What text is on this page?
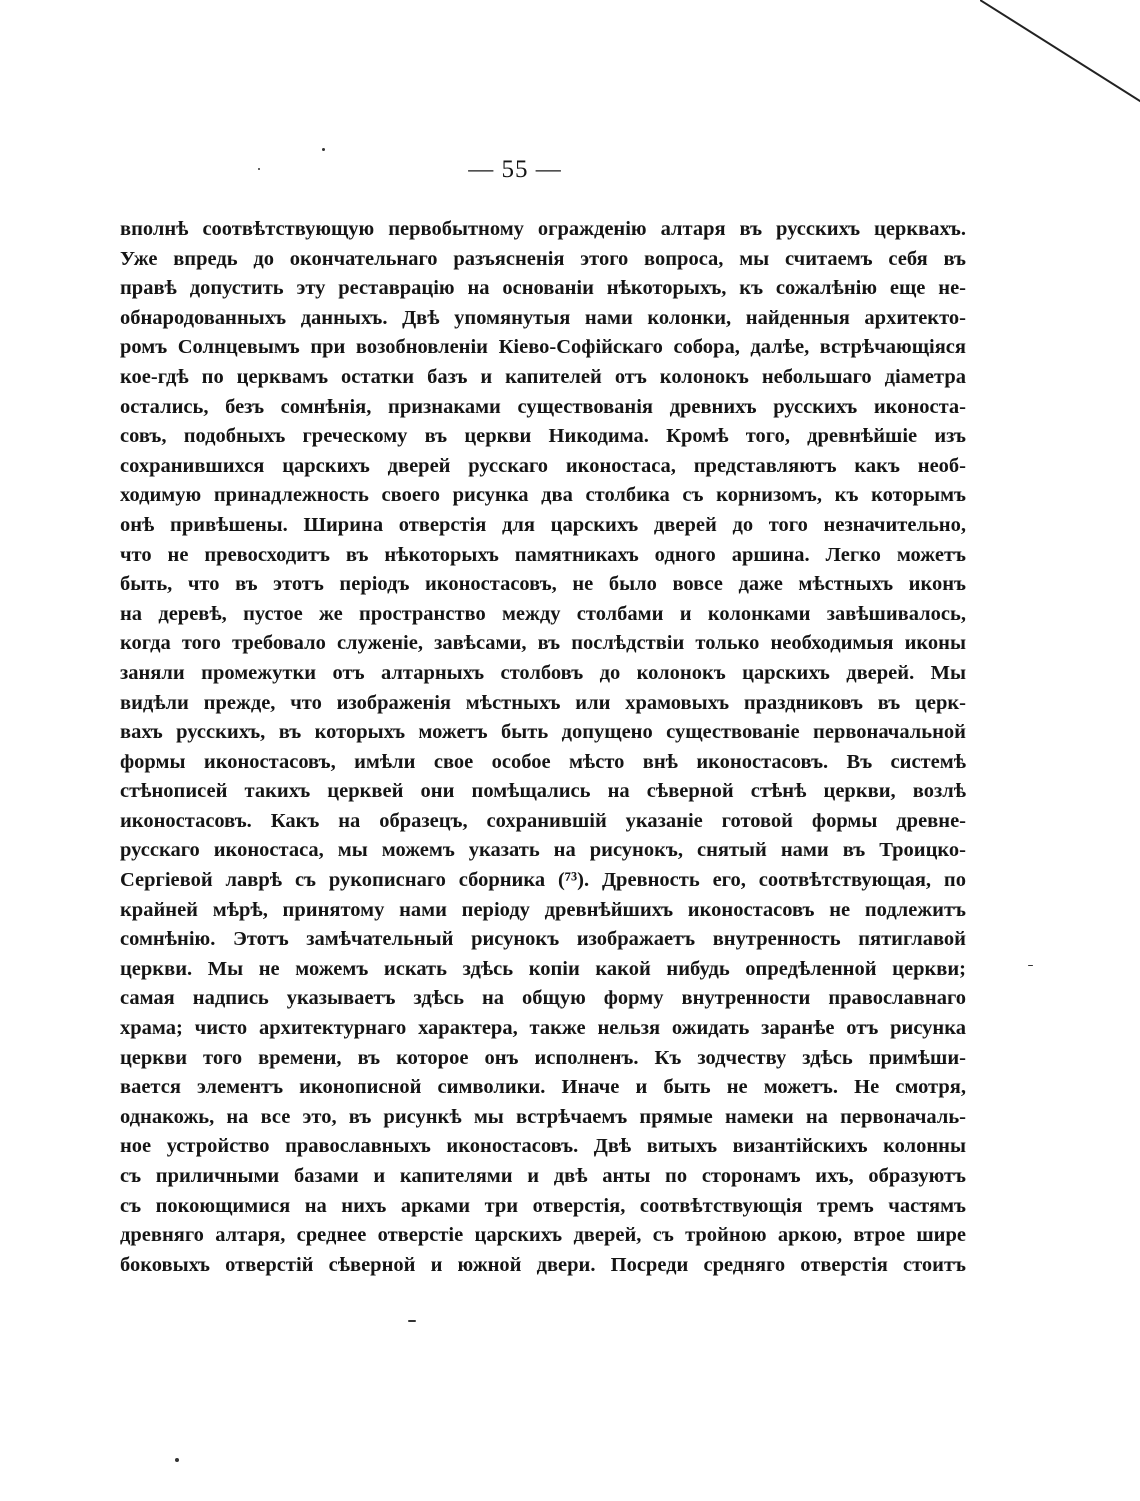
— 55 —

вполнѣ соотвѣтствующую первобытному огражденію алтаря въ русскихъ церквахъ.
Уже впредь до окончательнаго разъясненія этого вопроса, мы считаемъ себя въ
правѣ допустить эту реставрацію на основаніи нѣкоторыхъ, къ сожалѣнію еще не-
обнародованныхъ данныхъ. Двѣ упомянутыя нами колонки, найденныя архитекто-
ромъ Солнцевымъ при возобновленіи Кіево-Софійскаго собора, далѣе, встрѣчающіяся
кое-гдѣ по церквамъ остатки базъ и капителей отъ колонокъ небольшаго діаметра
остались, безъ сомнѣнія, признаками существованія древнихъ русскихъ иконоста-
совъ, подобныхъ греческому въ церкви Никодима. Кромѣ того, древнѣйшіе изъ
сохранившихся царскихъ дверей русскаго иконостаса, представляютъ какъ необ-
ходимую принадлежность своего рисунка два столбика съ корнизомъ, къ которымъ
онѣ привѣшены. Ширина отверстія для царскихъ дверей до того незначительно,
что не превосходитъ въ нѣкоторыхъ памятникахъ одного аршина. Легко можетъ
быть, что въ этотъ періодъ иконостасовъ, не было вовсе даже мѣстныхъ иконъ
на деревѣ, пустое же пространство между столбами и колонками завѣшивалось,
когда того требовало служеніе, завѣсами, въ послѣдствіи только необходимыя иконы
заняли промежутки отъ алтарныхъ столбовъ до колонокъ царскихъ дверей. Мы
видѣли прежде, что изображенія мѣстныхъ или храмовыхъ праздниковъ въ церк-
вахъ русскихъ, въ которыхъ можетъ быть допущено существованіе первоначальной
формы иконостасовъ, имѣли свое особое мѣсто внѣ иконостасовъ. Въ системѣ
стѣнописей такихъ церквей они помѣщались на сѣверной стѣнѣ церкви, возлѣ
иконостасовъ. Какъ на образецъ, сохранившій указаніе готовой формы древне-
русскаго иконостаса, мы можемъ указать на рисунокъ, снятый нами въ Троицко-
Сергіевой лаврѣ съ рукописнаго сборника (⁷³). Древность его, соотвѣтствующая, по
крайней мѣрѣ, принятому нами періоду древнѣйшихъ иконостасовъ не подлежитъ
сомнѣнію. Этотъ замѣчательный рисунокъ изображаетъ внутренность пятиглавой
церкви. Мы не можемъ искать здѣсь копіи какой нибудь опредѣленной церкви;
самая надпись указываетъ здѣсь на общую форму внутренности православнаго
храма; чисто архитектурнаго характера, также нельзя ожидать заранѣе отъ рисунка
церкви того времени, въ которое онъ исполненъ. Къ зодчеству здѣсь примѣши-
вается элементъ иконописной символики. Иначе и быть не можетъ. Не смотря,
однакожь, на все это, въ рисункѣ мы встрѣчаемъ прямые намеки на первоначаль-
ное устройство православныхъ иконостасовъ. Двѣ витыхъ византійскихъ колонны
съ приличными базами и капителями и двѣ анты по сторонамъ ихъ, образуютъ
съ покоющимися на нихъ арками три отверстія, соотвѣтствующія тремъ частямъ
древняго алтаря, среднее отверстіе царскихъ дверей, съ тройною аркою, втрое шире
боковыхъ отверстій сѣверной и южной двери. Посреди средняго отверстія стоитъ
